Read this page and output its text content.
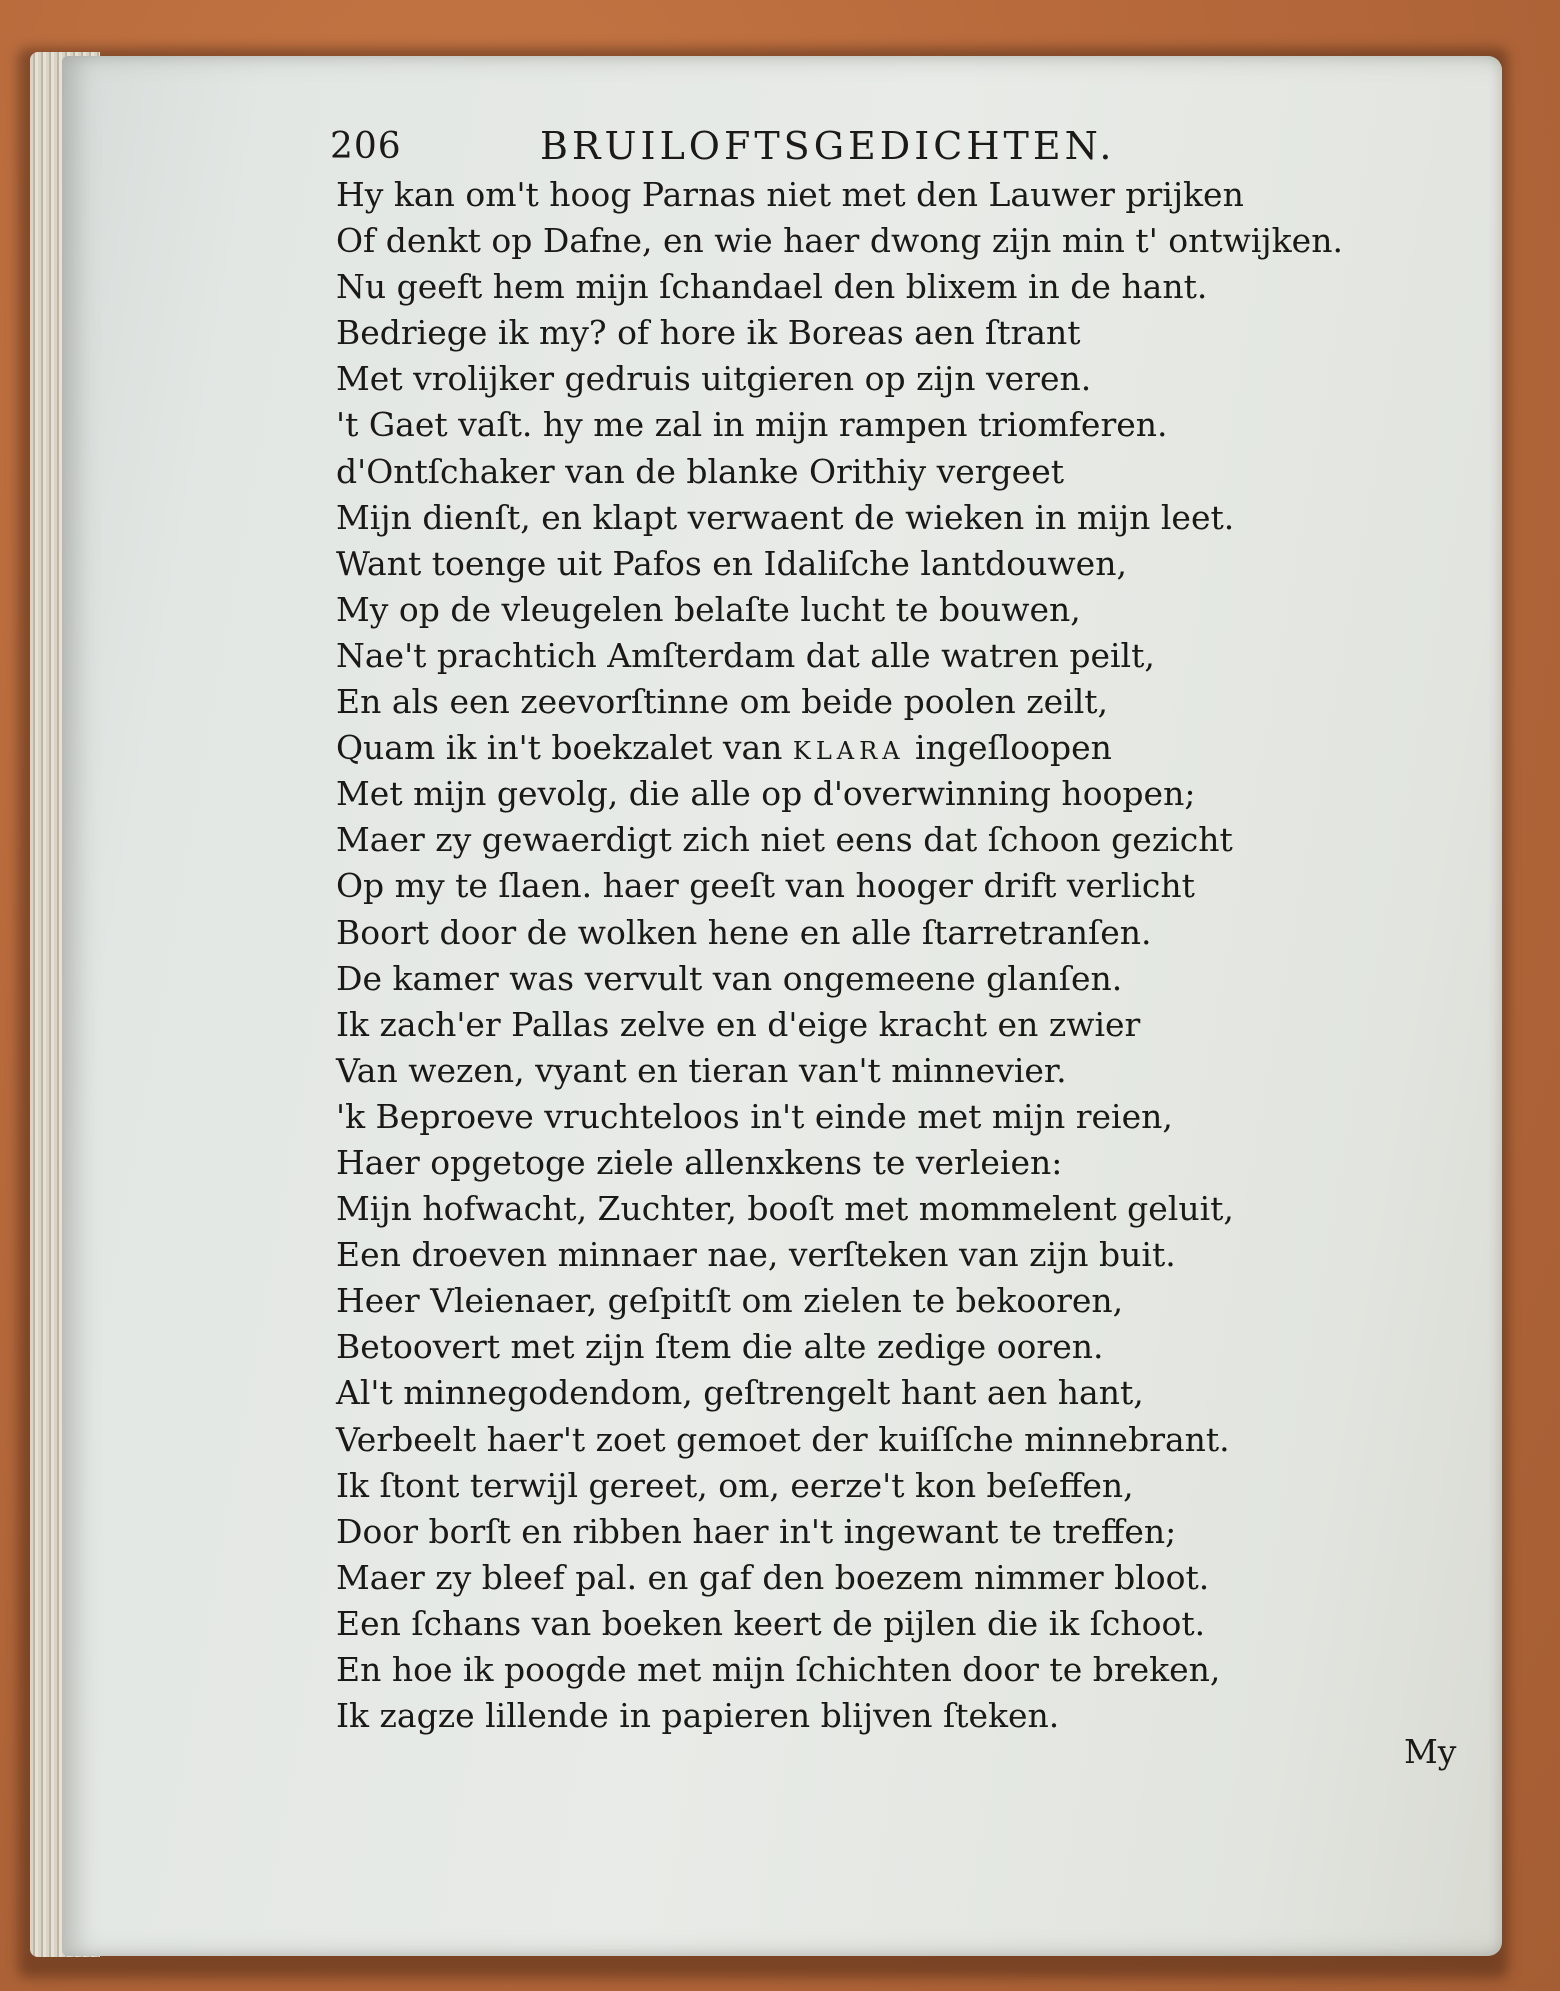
206	BRUILOFTSGEDICHTEN.
Hy kan om't hoog Parnas niet met den Lauwer prijken
Of denkt op Dafne, en wie haer dwong zijn min t' ontwijken.
Nu geeft hem mijn ſchandael den blixem in de hant.
Bedriege ik my? of hore ik Boreas aen ſtrant
Met vrolijker gedruis uitgieren op zijn veren.
't Gaet vaſt. hy me zal in mijn rampen triomferen.
d'Ontſchaker van de blanke Orithiy vergeet
Mijn dienſt, en klapt verwaent de wieken in mijn leet.
Want toenge uit Pafos en Idaliſche lantdouwen,
My op de vleugelen belaſte lucht te bouwen,
Nae't prachtich Amſterdam dat alle watren peilt,
En als een zeevorſtinne om beide poolen zeilt,
Quam ik in't boekzalet van KLARA ingeſloopen
Met mijn gevolg, die alle op d'overwinning hoopen;
Maer zy gewaerdigt zich niet eens dat ſchoon gezicht
Op my te ſlaen. haer geeſt van hooger drift verlicht
Boort door de wolken hene en alle ſtarretranſen.
De kamer was vervult van ongemeene glanſen.
Ik zach'er Pallas zelve en d'eige kracht en zwier
Van wezen, vyant en tieran van't minnevier.
'k Beproeve vruchteloos in't einde met mijn reien,
Haer opgetoge ziele allenxkens te verleien:
Mijn hofwacht, Zuchter, booſt met mommelent geluit,
Een droeven minnaer nae, verſteken van zijn buit.
Heer Vleienaer, geſpitſt om zielen te bekooren,
Betoovert met zijn ſtem die alte zedige ooren.
Al't minnegodendom, geſtrengelt hant aen hant,
Verbeelt haer't zoet gemoet der kuiſſche minnebrant.
Ik ſtont terwijl gereet, om, eerze't kon beſeffen,
Door borſt en ribben haer in't ingewant te treffen;
Maer zy bleef pal. en gaf den boezem nimmer bloot.
Een ſchans van boeken keert de pijlen die ik ſchoot.
En hoe ik poogde met mijn ſchichten door te breken,
Ik zagze lillende in papieren blijven ſteken.
My
